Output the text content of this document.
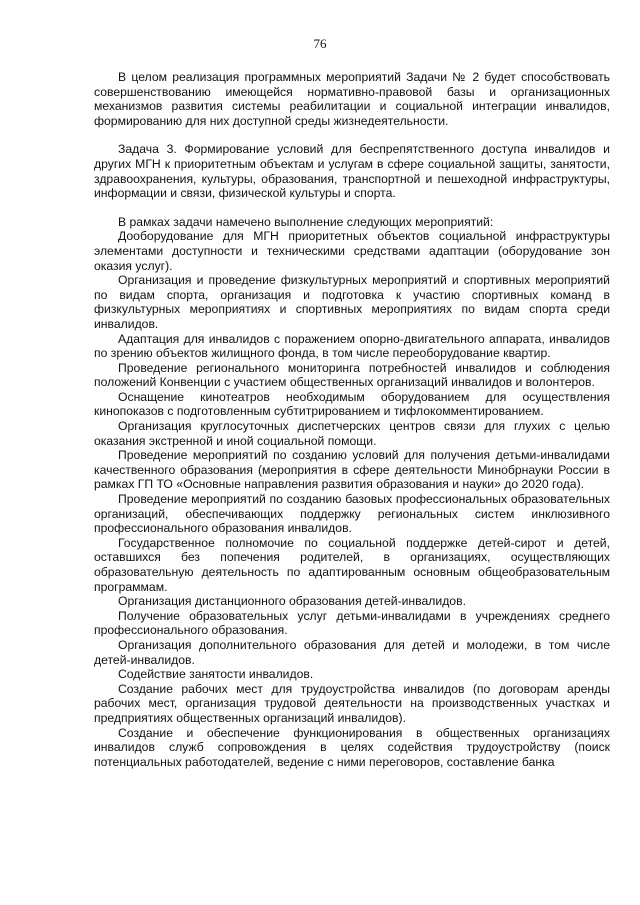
76

В целом реализация программных мероприятий Задачи № 2 будет способствовать совершенствованию имеющейся нормативно-правовой базы и организационных механизмов развития системы реабилитации и социальной интеграции инвалидов, формированию для них доступной среды жизнедеятельности.

Задача 3. Формирование условий для беспрепятственного доступа инвалидов и других МГН к приоритетным объектам и услугам в сфере социальной защиты, занятости, здравоохранения, культуры, образования, транспортной и пешеходной инфраструктуры, информации и связи, физической культуры и спорта.

В рамках задачи намечено выполнение следующих мероприятий:

Дооборудование для МГН приоритетных объектов социальной инфраструктуры элементами доступности и техническими средствами адаптации (оборудование зон оказия услуг).

Организация и проведение физкультурных мероприятий и спортивных мероприятий по видам спорта, организация и подготовка к участию спортивных команд в физкультурных мероприятиях и спортивных мероприятиях по видам спорта среди инвалидов.

Адаптация для инвалидов с поражением опорно-двигательного аппарата, инвалидов по зрению объектов жилищного фонда, в том числе переоборудование квартир.

Проведение регионального мониторинга потребностей инвалидов и соблюдения положений Конвенции с участием общественных организаций инвалидов и волонтеров.

Оснащение кинотеатров необходимым оборудованием для осуществления кинопоказов с подготовленным субтитрированием и тифлокомментированием.

Организация круглосуточных диспетчерских центров связи для глухих с целью оказания экстренной и иной социальной помощи.

Проведение мероприятий по созданию условий для получения детьми-инвалидами качественного образования (мероприятия в сфере деятельности Минобрнауки России в рамках ГП ТО «Основные направления развития образования и науки» до 2020 года).

Проведение мероприятий по созданию базовых профессиональных образовательных организаций, обеспечивающих поддержку региональных систем инклюзивного профессионального образования инвалидов.

Государственное полномочие по социальной поддержке детей-сирот и детей, оставшихся без попечения родителей, в организациях, осуществляющих образовательную деятельность по адаптированным основным общеобразовательным программам.

Организация дистанционного образования детей-инвалидов.

Получение образовательных услуг детьми-инвалидами в учреждениях среднего профессионального образования.

Организация дополнительного образования для детей и молодежи, в том числе детей-инвалидов.

Содействие занятости инвалидов.

Создание рабочих мест для трудоустройства инвалидов (по договорам аренды рабочих мест, организация трудовой деятельности на производственных участках и предприятиях общественных организаций инвалидов).

Создание и обеспечение функционирования в общественных организациях инвалидов служб сопровождения в целях содействия трудоустройству (поиск потенциальных работодателей, ведение с ними переговоров, составление банка
